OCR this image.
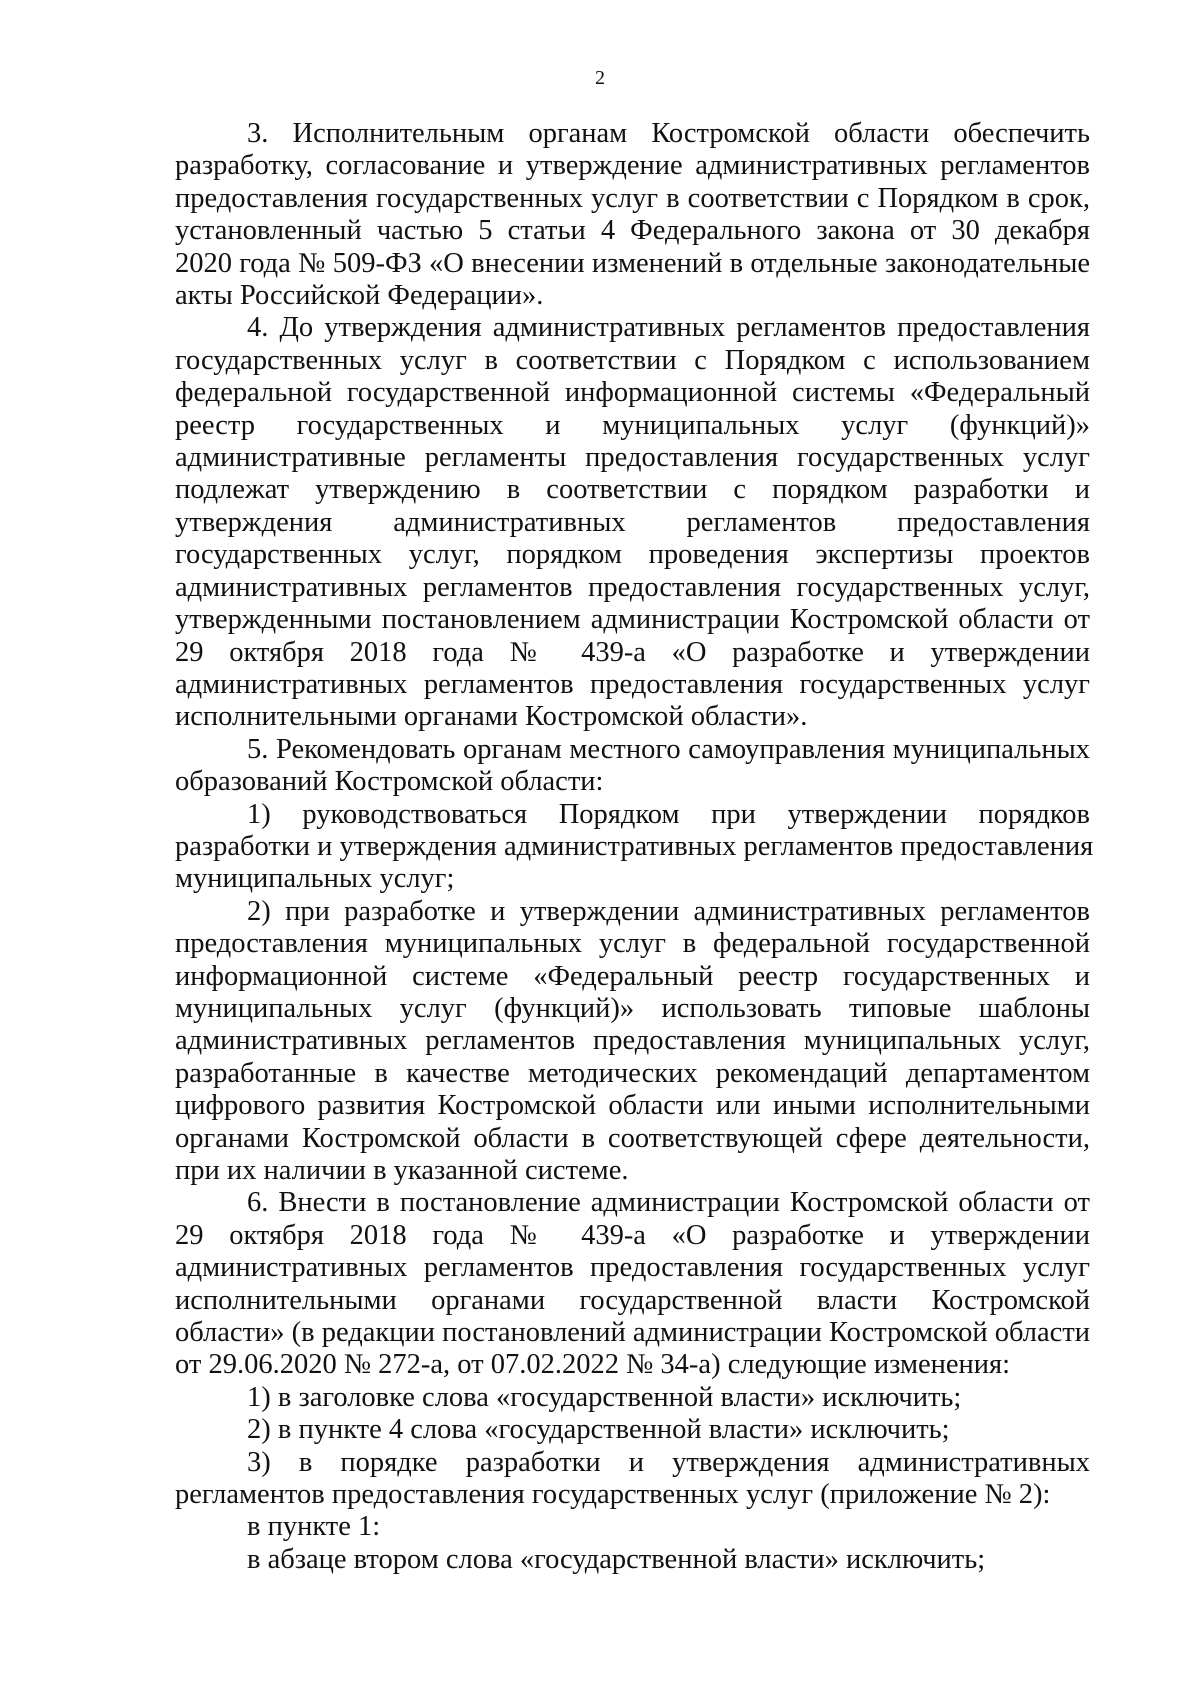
2
3. Исполнительным органам Костромской области обеспечить
разработку, согласование и утверждение административных регламентов
предоставления государственных услуг в соответствии с Порядком в срок,
установленный частью 5 статьи 4 Федерального закона от 30 декабря
2020 года № 509-ФЗ «О внесении изменений в отдельные законодательные
акты Российской Федерации».
4. До утверждения административных регламентов предоставления
государственных услуг в соответствии с Порядком с использованием
федеральной государственной информационной системы «Федеральный
реестр государственных и муниципальных услуг (функций)»
административные регламенты предоставления государственных услуг
подлежат утверждению в соответствии с порядком разработки и
утверждения административных регламентов предоставления
государственных услуг, порядком проведения экспертизы проектов
административных регламентов предоставления государственных услуг,
утвержденными постановлением администрации Костромской области от
29 октября 2018 года № 439-а «О разработке и утверждении
административных регламентов предоставления государственных услуг
исполнительными органами Костромской области».
5. Рекомендовать органам местного самоуправления муниципальных
образований Костромской области:
1) руководствоваться Порядком при утверждении порядков
разработки и утверждения административных регламентов предоставления
муниципальных услуг;
2) при разработке и утверждении административных регламентов
предоставления муниципальных услуг в федеральной государственной
информационной системе «Федеральный реестр государственных и
муниципальных услуг (функций)» использовать типовые шаблоны
административных регламентов предоставления муниципальных услуг,
разработанные в качестве методических рекомендаций департаментом
цифрового развития Костромской области или иными исполнительными
органами Костромской области в соответствующей сфере деятельности,
при их наличии в указанной системе.
6. Внести в постановление администрации Костромской области от
29 октября 2018 года № 439-а «О разработке и утверждении
административных регламентов предоставления государственных услуг
исполнительными органами государственной власти Костромской
области» (в редакции постановлений администрации Костромской области
от 29.06.2020 № 272-а, от 07.02.2022 № 34-а) следующие изменения:
1) в заголовке слова «государственной власти» исключить;
2) в пункте 4 слова «государственной власти» исключить;
3) в порядке разработки и утверждения административных
регламентов предоставления государственных услуг (приложение № 2):
в пункте 1:
в абзаце втором слова «государственной власти» исключить;
